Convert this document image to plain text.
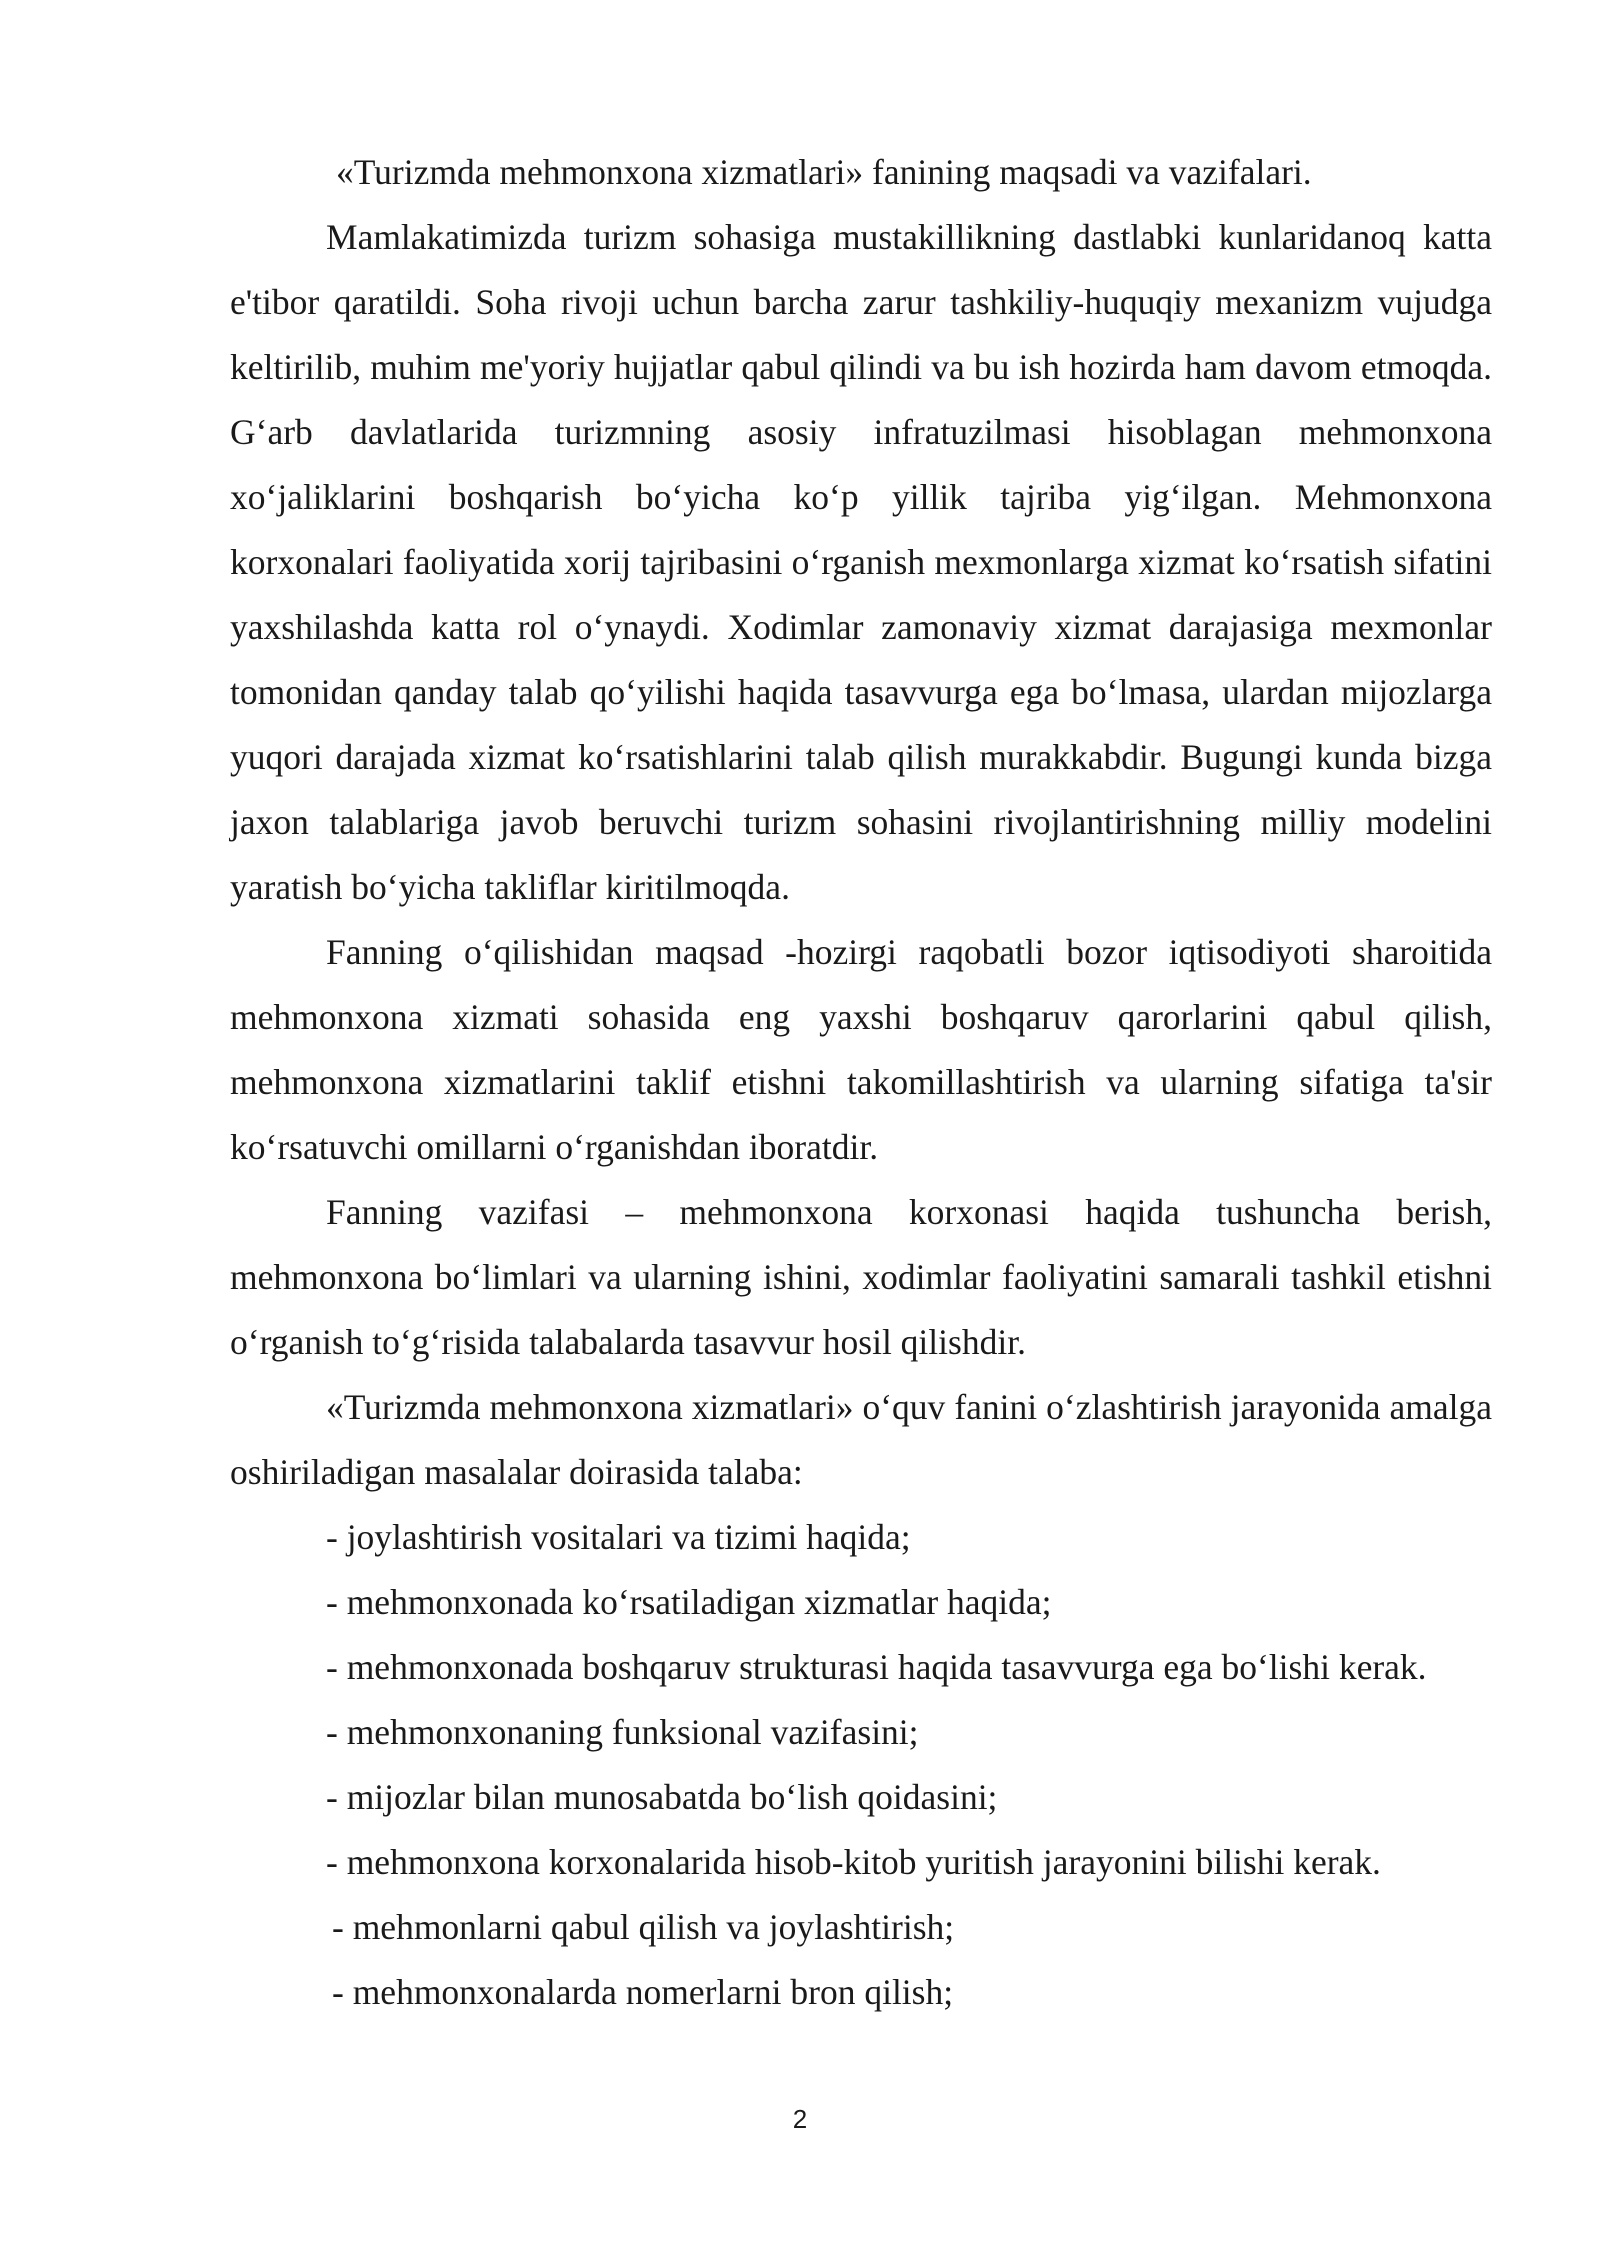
«Turizmda mehmonxona xizmatlari» fanining maqsadi va vazifalari.

Mamlakatimizda turizm sohasiga mustakillikning dastlabki kunlaridanoq katta e'tibor qaratildi. Soha rivoji uchun barcha zarur tashkiliy-huquqiy mexanizm vujudga keltirilib, muhim me'yoriy hujjatlar qabul qilindi va bu ish hozirda ham davom etmoqda. G‘arb davlatlarida turizmning asosiy infratuzilmasi hisoblagan mehmonxona xo‘jaliklarini boshqarish bo‘yicha ko‘p yillik tajriba yig‘ilgan. Mehmonxona korxonalari faoliyatida xorij tajribasini o‘rganish mexmonlarga xizmat ko‘rsatish sifatini yaxshilashda katta rol o‘ynaydi. Xodimlar zamonaviy xizmat darajasiga mexmonlar tomonidan qanday talab qo‘yilishi haqida tasavvurga ega bo‘lmasa, ulardan mijozlarga yuqori darajada xizmat ko‘rsatishlarini talab qilish murakkabdir. Bugungi kunda bizga jaxon talablariga javob beruvchi turizm sohasini rivojlantirishning milliy modelini yaratish bo‘yicha takliflar kiritilmoqda.

Fanning o‘qilishidan maqsad -hozirgi raqobatli bozor iqtisodiyoti sharoitida mehmonxona xizmati sohasida eng yaxshi boshqaruv qarorlarini qabul qilish, mehmonxona xizmatlarini taklif etishni takomillashtirish va ularning sifatiga ta'sir ko‘rsatuvchi omillarni o‘rganishdan iboratdir.

Fanning vazifasi – mehmonxona korxonasi haqida tushuncha berish, mehmonxona bo‘limlari va ularning ishini, xodimlar faoliyatini samarali tashkil etishni o‘rganish to‘g‘risida talabalarda tasavvur hosil qilishdir.

«Turizmda mehmonxona xizmatlari» o‘quv fanini o‘zlashtirish jarayonida amalga oshiriladigan masalalar doirasida talaba:

- joylashtirish vositalari va tizimi haqida;

- mehmonxonada ko‘rsatiladigan xizmatlar haqida;

- mehmonxonada boshqaruv strukturasi haqida tasavvurga ega bo‘lishi kerak.

- mehmonxonaning funksional vazifasini;

- mijozlar bilan munosabatda bo‘lish qoidasini;

- mehmonxona korxonalarida hisob-kitob yuritish jarayonini bilishi kerak.

- mehmonlarni qabul qilish va joylashtirish;

- mehmonxonalarda nomerlarni bron qilish;

2
